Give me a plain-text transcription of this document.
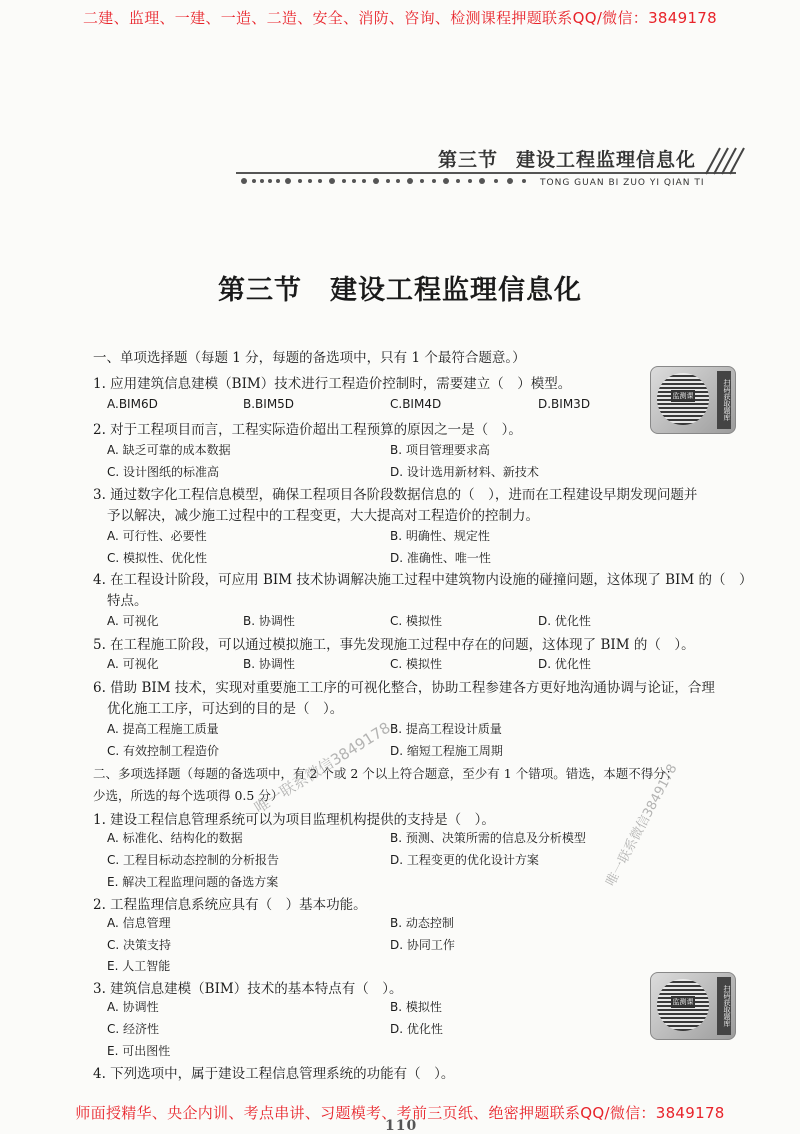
二建、监理、一建、一造、二造、安全、消防、咨询、检测课程押题联系QQ/微信：3849178
第三节 建设工程监理信息化
TONG GUAN BI ZUO YI QIAN TI
第三节 建设工程监理信息化
一、单项选择题（每题 1 分，每题的备选项中，只有 1 个最符合题意。）
1. 应用建筑信息建模（BIM）技术进行工程造价控制时，需要建立（　）模型。
A.BIM6D	B.BIM5D	C.BIM4D	D.BIM3D
2. 对于工程项目而言，工程实际造价超出工程预算的原因之一是（　）。
A. 缺乏可靠的成本数据	B. 项目管理要求高
C. 设计图纸的标准高	D. 设计选用新材料、新技术
3. 通过数字化工程信息模型，确保工程项目各阶段数据信息的（　），进而在工程建设早期发现问题并
予以解决，减少施工过程中的工程变更，大大提高对工程造价的控制力。
A. 可行性、必要性	B. 明确性、规定性
C. 模拟性、优化性	D. 准确性、唯一性
4. 在工程设计阶段，可应用 BIM 技术协调解决施工过程中建筑物内设施的碰撞问题，这体现了 BIM 的（　）
特点。
A. 可视化	B. 协调性	C. 模拟性	D. 优化性
5. 在工程施工阶段，可以通过模拟施工，事先发现施工过程中存在的问题，这体现了 BIM 的（　）。
A. 可视化	B. 协调性	C. 模拟性	D. 优化性
6. 借助 BIM 技术，实现对重要施工工序的可视化整合，协助工程参建各方更好地沟通协调与论证，合理
优化施工工序，可达到的目的是（　）。
A. 提高工程施工质量	B. 提高工程设计质量
C. 有效控制工程造价	D. 缩短工程施工周期
二、多项选择题（每题的备选项中，有 2 个或 2 个以上符合题意，至少有 1 个错项。错选，本题不得分；
少选，所选的每个选项得 0.5 分）
1. 建设工程信息管理系统可以为项目监理机构提供的支持是（　）。
A. 标准化、结构化的数据	B. 预测、决策所需的信息及分析模型
C. 工程目标动态控制的分析报告	D. 工程变更的优化设计方案
E. 解决工程监理问题的备选方案
2. 工程监理信息系统应具有（　）基本功能。
A. 信息管理	B. 动态控制
C. 决策支持	D. 协同工作
E. 人工智能
3. 建筑信息建模（BIM）技术的基本特点有（　）。
A. 协调性	B. 模拟性
C. 经济性	D. 优化性
E. 可出图性
4. 下列选项中，属于建设工程信息管理系统的功能有（　）。
监测课	扫码获取题库
监测课	扫码获取题库
唯一联系微信3849178
唯一联系微信3849178
师面授精华、央企内训、考点串讲、习题模考、考前三页纸、绝密押题联系QQ/微信：3849178
110
